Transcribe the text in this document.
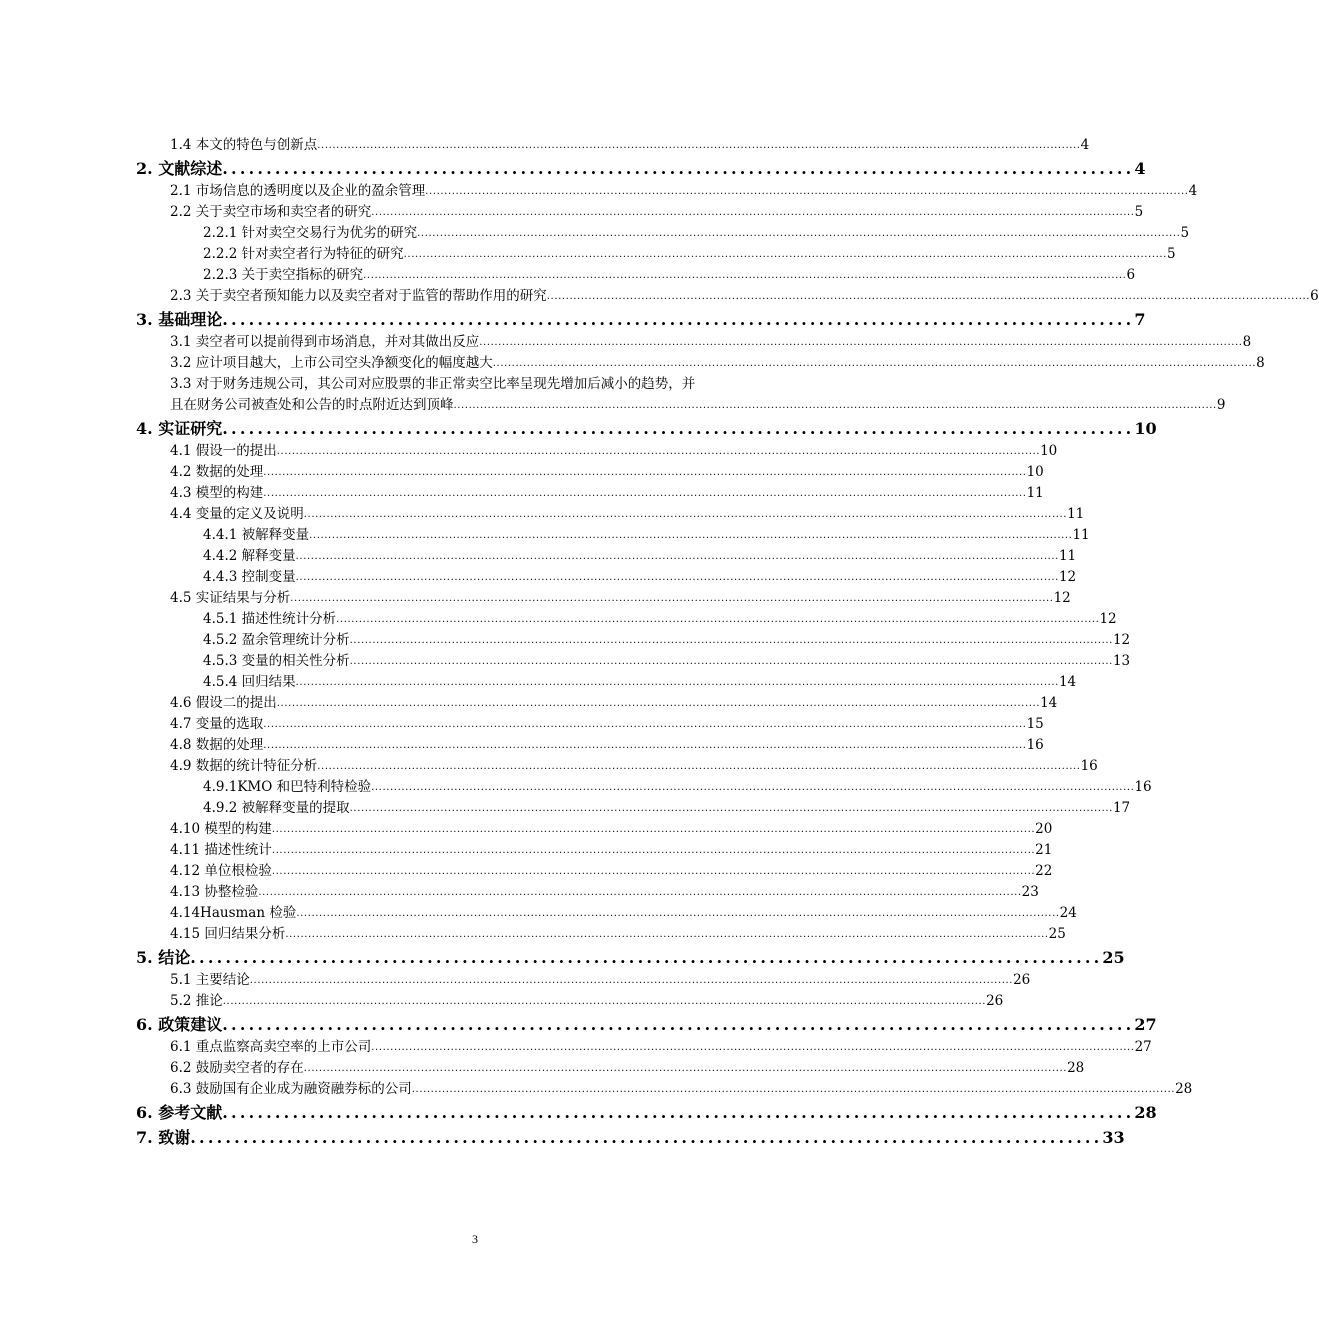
1.4 本文的特色与创新点 .......................................................................................................................................................................................................... 4
2. 文献综述 ........................................................................................................ 4
2.1 市场信息的透明度以及企业的盈余管理 .......................................................................................................................................................................................................... 4
2.2 关于卖空市场和卖空者的研究 .......................................................................................................................................................................................................... 5
2.2.1 针对卖空交易行为优劣的研究 .......................................................................................................................................................................................................... 5
2.2.2 针对卖空者行为特征的研究 .......................................................................................................................................................................................................... 5
2.2.3 关于卖空指标的研究 .......................................................................................................................................................................................................... 6
2.3 关于卖空者预知能力以及卖空者对于监管的帮助作用的研究 .......................................................................................................................................................................................................... 6
3. 基础理论 ........................................................................................................ 7
3.1 卖空者可以提前得到市场消息，并对其做出反应 .......................................................................................................................................................................................................... 8
3.2 应计项目越大，上市公司空头净额变化的幅度越大 .......................................................................................................................................................................................................... 8
3.3 对于财务违规公司，其公司对应股票的非正常卖空比率呈现先增加后减小的趋势，并
且在财务公司被查处和公告的时点附近达到顶峰 .......................................................................................................................................................................................................... 9
4. 实证研究 ........................................................................................................ 10
4.1 假设一的提出 .......................................................................................................................................................................................................... 10
4.2 数据的处理 .......................................................................................................................................................................................................... 10
4.3 模型的构建 .......................................................................................................................................................................................................... 11
4.4 变量的定义及说明 .......................................................................................................................................................................................................... 11
4.4.1 被解释变量 .......................................................................................................................................................................................................... 11
4.4.2 解释变量 .......................................................................................................................................................................................................... 11
4.4.3 控制变量 .......................................................................................................................................................................................................... 12
4.5 实证结果与分析 .......................................................................................................................................................................................................... 12
4.5.1 描述性统计分析 .......................................................................................................................................................................................................... 12
4.5.2 盈余管理统计分析 .......................................................................................................................................................................................................... 12
4.5.3 变量的相关性分析 .......................................................................................................................................................................................................... 13
4.5.4 回归结果 .......................................................................................................................................................................................................... 14
4.6 假设二的提出 .......................................................................................................................................................................................................... 14
4.7 变量的选取 .......................................................................................................................................................................................................... 15
4.8 数据的处理 .......................................................................................................................................................................................................... 16
4.9 数据的统计特征分析 .......................................................................................................................................................................................................... 16
4.9.1KMO 和巴特利特检验 .......................................................................................................................................................................................................... 16
4.9.2 被解释变量的提取 .......................................................................................................................................................................................................... 17
4.10 模型的构建 .......................................................................................................................................................................................................... 20
4.11 描述性统计 .......................................................................................................................................................................................................... 21
4.12 单位根检验 .......................................................................................................................................................................................................... 22
4.13 协整检验 .......................................................................................................................................................................................................... 23
4.14Hausman 检验 .......................................................................................................................................................................................................... 24
4.15 回归结果分析 .......................................................................................................................................................................................................... 25
5. 结论 ........................................................................................................ 25
5.1 主要结论 .......................................................................................................................................................................................................... 26
5.2 推论 .......................................................................................................................................................................................................... 26
6. 政策建议 ........................................................................................................ 27
6.1 重点监察高卖空率的上市公司 .......................................................................................................................................................................................................... 27
6.2 鼓励卖空者的存在 .......................................................................................................................................................................................................... 28
6.3 鼓励国有企业成为融资融券标的公司 .......................................................................................................................................................................................................... 28
6. 参考文献 ........................................................................................................ 28
7. 致谢 ........................................................................................................ 33
3
